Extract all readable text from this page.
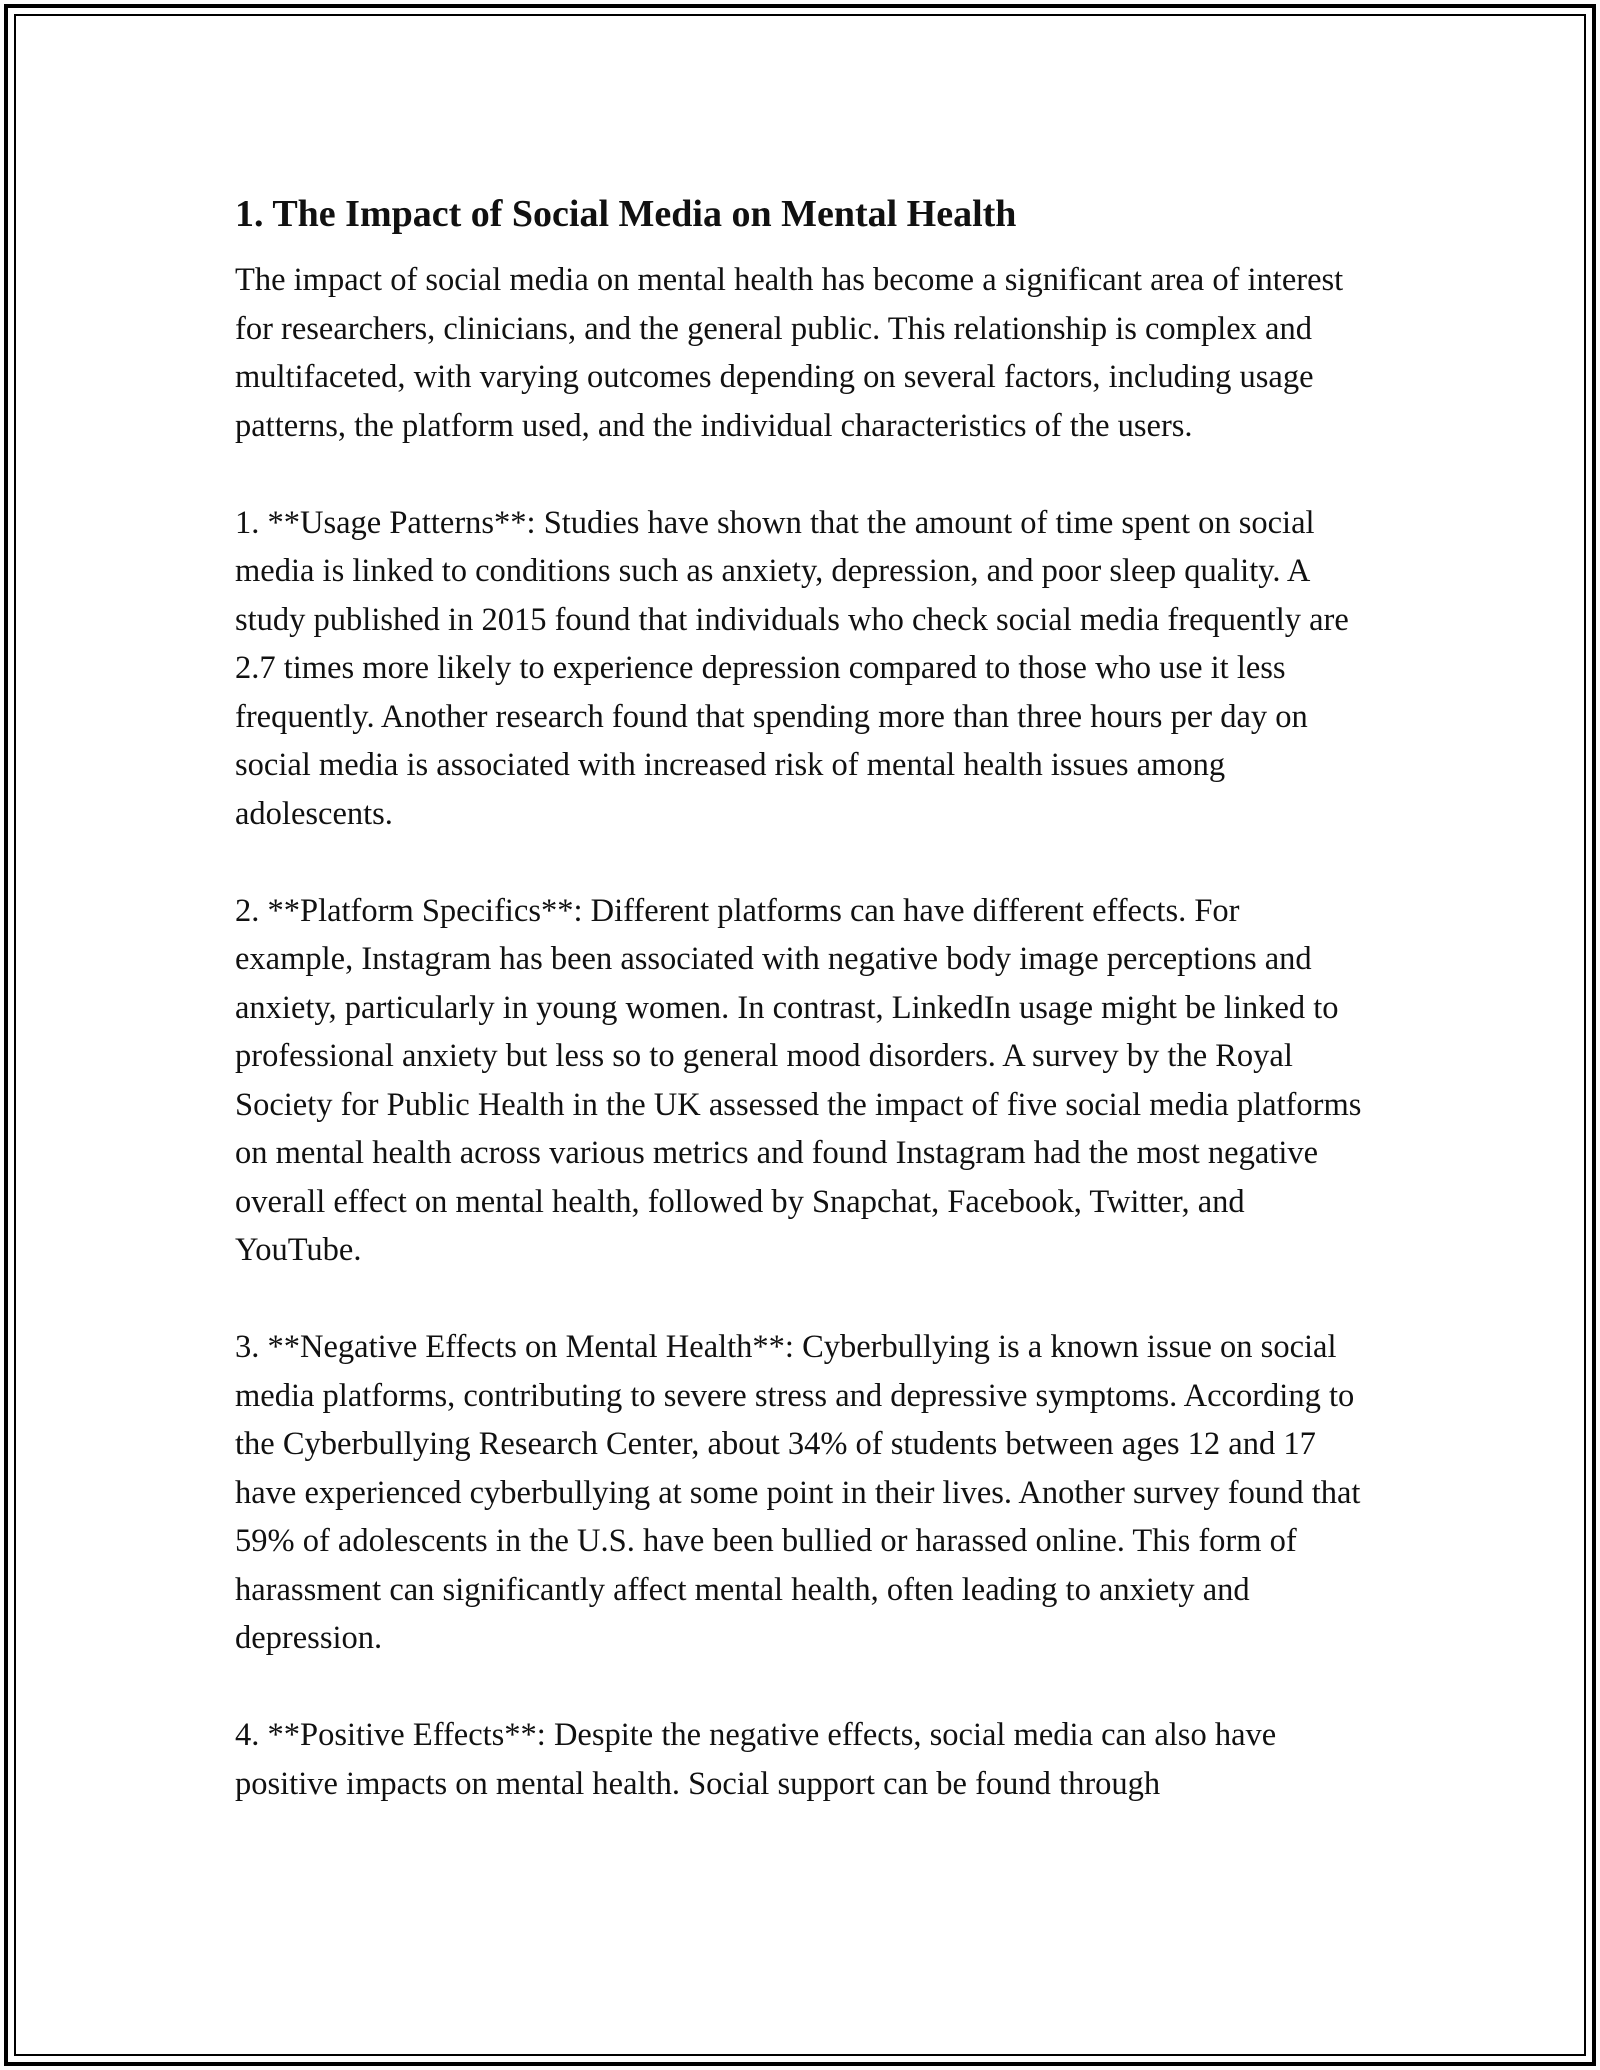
1. The Impact of Social Media on Mental Health

The impact of social media on mental health has become a significant area of interest for researchers, clinicians, and the general public. This relationship is complex and multifaceted, with varying outcomes depending on several factors, including usage patterns, the platform used, and the individual characteristics of the users.

1. **Usage Patterns**: Studies have shown that the amount of time spent on social media is linked to conditions such as anxiety, depression, and poor sleep quality. A study published in 2015 found that individuals who check social media frequently are 2.7 times more likely to experience depression compared to those who use it less frequently. Another research found that spending more than three hours per day on social media is associated with increased risk of mental health issues among adolescents.

2. **Platform Specifics**: Different platforms can have different effects. For example, Instagram has been associated with negative body image perceptions and anxiety, particularly in young women. In contrast, LinkedIn usage might be linked to professional anxiety but less so to general mood disorders. A survey by the Royal Society for Public Health in the UK assessed the impact of five social media platforms on mental health across various metrics and found Instagram had the most negative overall effect on mental health, followed by Snapchat, Facebook, Twitter, and YouTube.

3. **Negative Effects on Mental Health**: Cyberbullying is a known issue on social media platforms, contributing to severe stress and depressive symptoms. According to the Cyberbullying Research Center, about 34% of students between ages 12 and 17 have experienced cyberbullying at some point in their lives. Another survey found that 59% of adolescents in the U.S. have been bullied or harassed online. This form of harassment can significantly affect mental health, often leading to anxiety and depression.

4. **Positive Effects**: Despite the negative effects, social media can also have positive impacts on mental health. Social support can be found through
